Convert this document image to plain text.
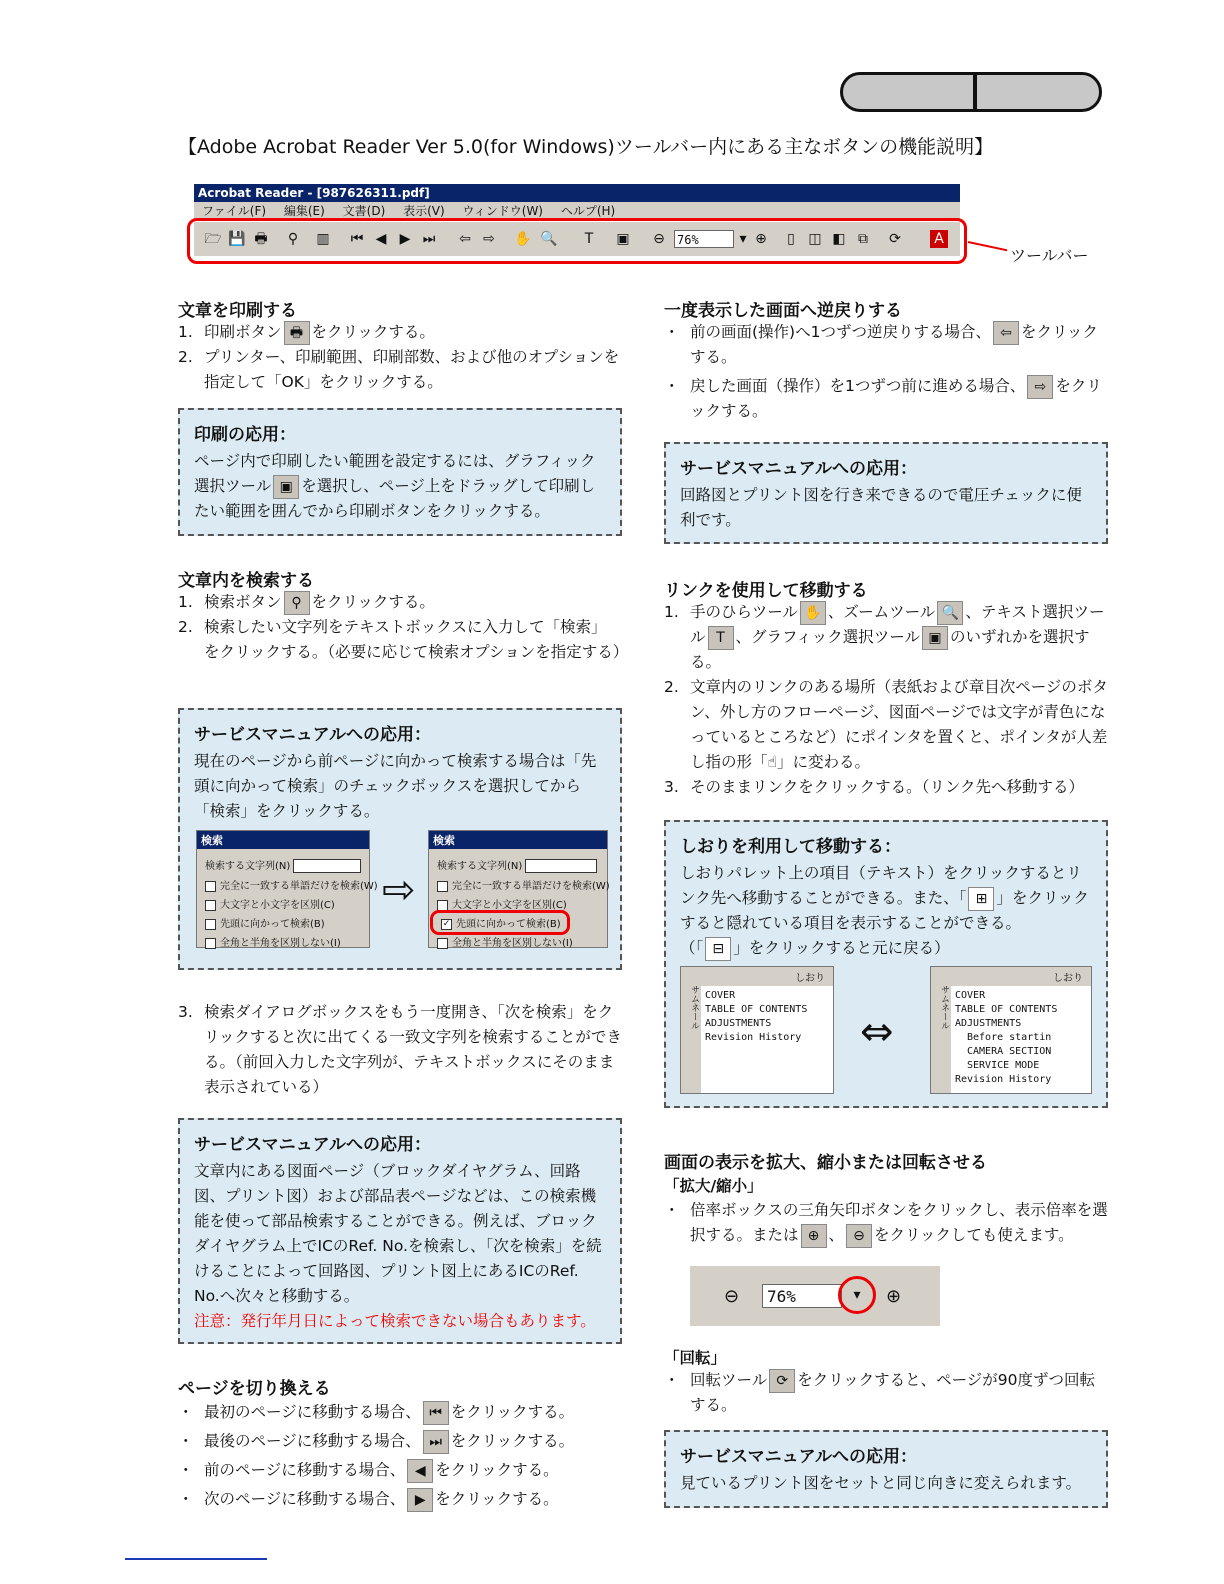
【Adobe Acrobat Reader Ver 5.0(for Windows)ツールバー内にある主なボタンの機能説明】
Acrobat Reader - [987626311.pdf]
ファイル(F) 編集(E) 文書(D) 表示(V) ウィンドウ(W) ヘルプ(H)
🗁 💾 🖶 ⚲ ▥ ⏮ ◀ ▶ ⏭ ⇦ ⇨ ✋ 🔍	T	▣ ⊖ 76%	▾ ⊕	▯ ◫ ◧ ⧉ ⟳	A
ツールバー
文章を印刷する
1. 印刷ボタン 🖶 をクリックする。
2. プリンター、印刷範囲、印刷部数、および他のオプションを指定して「OK」をクリックする。
印刷の応用：
ページ内で印刷したい範囲を設定するには、グラフィック選択ツール ▣ を選択し、ページ上をドラッグして印刷したい範囲を囲んでから印刷ボタンをクリックする。
文章内を検索する
1. 検索ボタン ⚲ をクリックする。
2. 検索したい文字列をテキストボックスに入力して「検索」をクリックする。（必要に応じて検索オプションを指定する）
サービスマニュアルへの応用：
現在のページから前ページに向かって検索する場合は「先頭に向かって検索」のチェックボックスを選択してから「検索」をクリックする。
検索
検索する文字列(N)
完全に一致する単語だけを検索(W)
大文字と小文字を区別(C)
先頭に向かって検索(B)
全角と半角を区別しない(I)
⇨
検索
検索する文字列(N)
完全に一致する単語だけを検索(W)
大文字と小文字を区別(C)
✓ 先頭に向かって検索(B)
全角と半角を区別しない(I)
3. 検索ダイアログボックスをもう一度開き、「次を検索」をクリックすると次に出てくる一致文字列を検索することができる。（前回入力した文字列が、テキストボックスにそのまま表示されている）
サービスマニュアルへの応用：
文章内にある図面ページ（ブロックダイヤグラム、回路図、プリント図）および部品表ページなどは、この検索機能を使って部品検索することができる。例えば、ブロックダイヤグラム上でICのRef. No.を検索し、「次を検索」を続けることによって回路図、プリント図上にあるICのRef. No.へ次々と移動する。
注意：発行年月日によって検索できない場合もあります。
ページを切り換える
・ 最初のページに移動する場合、 ⏮ をクリックする。
・ 最後のページに移動する場合、 ⏭ をクリックする。
・ 前のページに移動する場合、 ◀ をクリックする。
・ 次のページに移動する場合、 ▶ をクリックする。
一度表示した画面へ逆戻りする
・ 前の画面(操作)へ1つずつ逆戻りする場合、 ⇦ をクリックする。
・ 戻した画面（操作）を1つずつ前に進める場合、 ⇨ をクリックする。
サービスマニュアルへの応用：
回路図とプリント図を行き来できるので電圧チェックに便利です。
リンクを使用して移動する
1. 手のひらツール ✋ 、ズームツール 🔍 、テキスト選択ツール T 、グラフィック選択ツール ▣ のいずれかを選択する。
2. 文章内のリンクのある場所（表紙および章目次ページのボタン、外し方のフローページ、図面ページでは文字が青色になっているところなど）にポインタを置くと、ポインタが人差し指の形「☝」に変わる。
3. そのままリンクをクリックする。（リンク先へ移動する）
しおりを利用して移動する：
しおりパレット上の項目（テキスト）をクリックするとリンク先へ移動することができる。また、「 ⊞ 」をクリックすると隠れている項目を表示することができる。
（「 ⊟ 」をクリックすると元に戻る）
しおり
サムネール COVER
TABLE OF CONTENTS
ADJUSTMENTS
Revision History ⇔
しおり
サムネール COVER
TABLE OF CONTENTS
ADJUSTMENTS
Before startin
CAMERA SECTION
SERVICE MODE
Revision History
画面の表示を拡大、縮小または回転させる
「拡大/縮小」
・ 倍率ボックスの三角矢印ボタンをクリックし、表示倍率を選択する。または ⊕ 、 ⊖ をクリックしても使えます。
⊖	76%	▾	⊕
「回転」
・ 回転ツール ⟳ をクリックすると、ページが90度ずつ回転する。
サービスマニュアルへの応用：
見ているプリント図をセットと同じ向きに変えられます。
